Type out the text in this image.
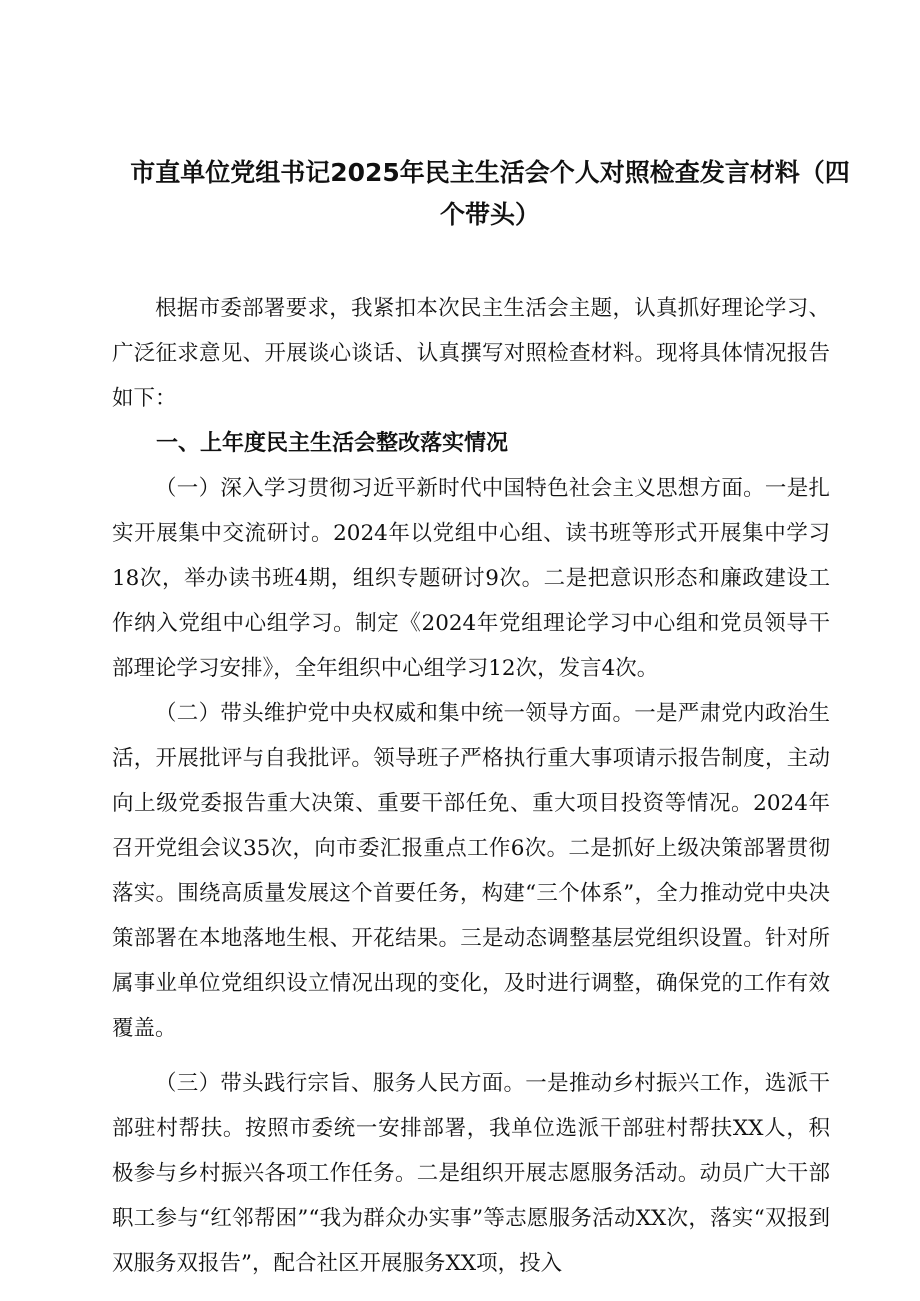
市直单位党组书记2025年民主生活会个人对照检查发言材料（四个带头）

根据市委部署要求，我紧扣本次民主生活会主题，认真抓好理论学习、广泛征求意见、开展谈心谈话、认真撰写对照检查材料。现将具体情况报告如下：

一、上年度民主生活会整改落实情况

（一）深入学习贯彻习近平新时代中国特色社会主义思想方面。一是扎实开展集中交流研讨。2024年以党组中心组、读书班等形式开展集中学习18次，举办读书班4期，组织专题研讨9次。二是把意识形态和廉政建设工作纳入党组中心组学习。制定《2024年党组理论学习中心组和党员领导干部理论学习安排》，全年组织中心组学习12次，发言4次。

（二）带头维护党中央权威和集中统一领导方面。一是严肃党内政治生活，开展批评与自我批评。领导班子严格执行重大事项请示报告制度，主动向上级党委报告重大决策、重要干部任免、重大项目投资等情况。2024年召开党组会议35次，向市委汇报重点工作6次。二是抓好上级决策部署贯彻落实。围绕高质量发展这个首要任务，构建“三个体系”，全力推动党中央决策部署在本地落地生根、开花结果。三是动态调整基层党组织设置。针对所属事业单位党组织设立情况出现的变化，及时进行调整，确保党的工作有效覆盖。

（三）带头践行宗旨、服务人民方面。一是推动乡村振兴工作，选派干部驻村帮扶。按照市委统一安排部署，我单位选派干部驻村帮扶XX人，积极参与乡村振兴各项工作任务。二是组织开展志愿服务活动。动员广大干部职工参与“红邻帮困”“我为群众办实事”等志愿服务活动XX次，落实“双报到双服务双报告”，配合社区开展服务XX项，投入
